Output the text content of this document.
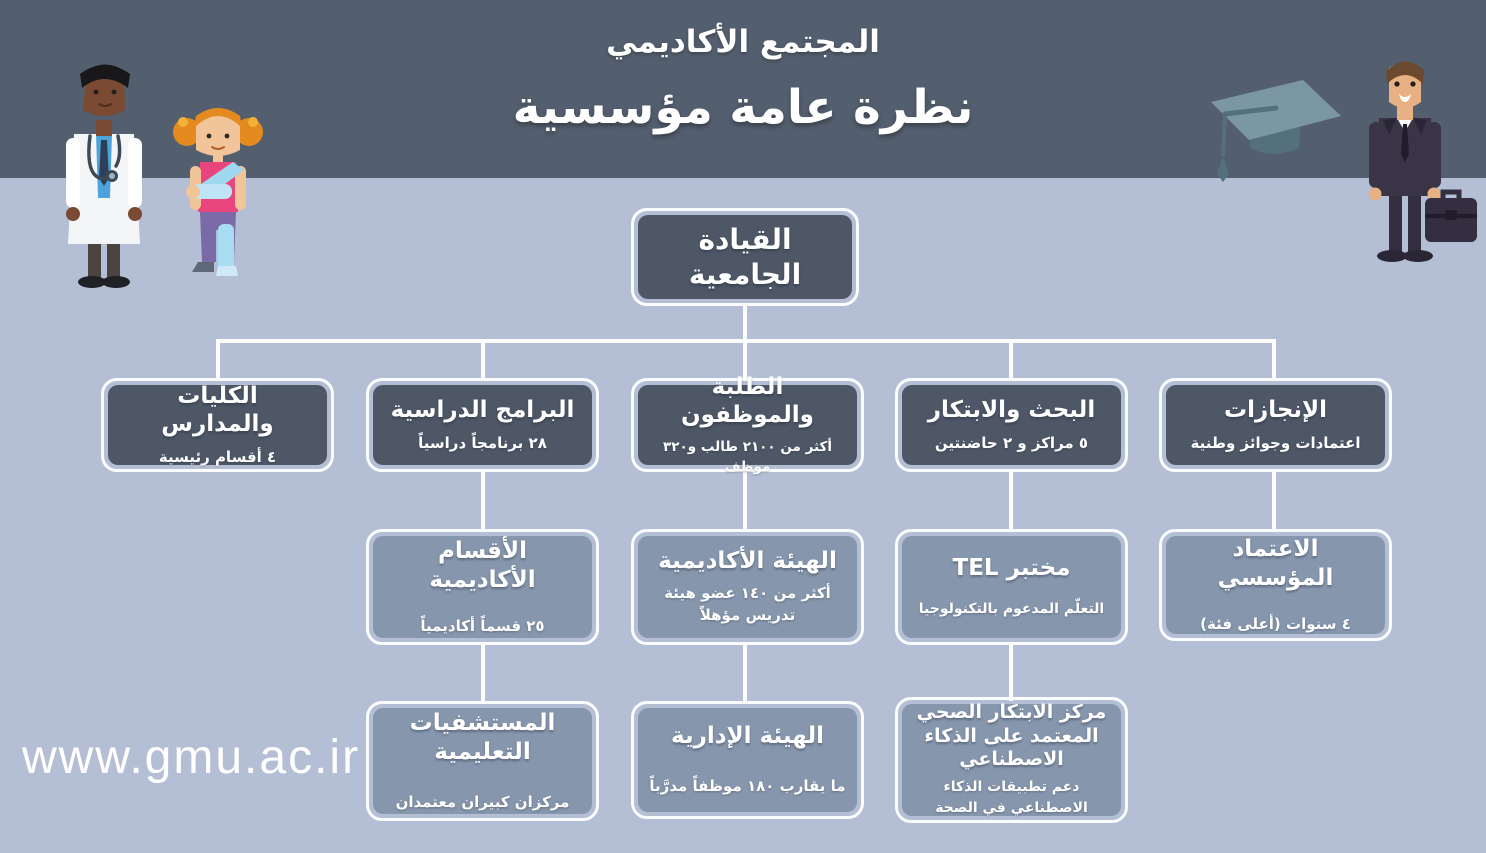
المجتمع الأكاديمي
نظرة عامة مؤسسية
القيادة الجامعية
الكليات والمدارس
٤ أقسام رئيسية
البرامج الدراسية
٢٨ برنامجاً دراسياً
الطلبة والموظفون
أكثر من ٢١٠٠ طالب و٣٢٠ موظف
البحث والابتكار
٥ مراكز و ٢ حاضنتين
الإنجازات
اعتمادات وجوائز وطنية
الأقسام الأكاديمية
٢٥ قسماً أكاديمياً
الهيئة الأكاديمية
أكثر من ١٤٠ عضو هيئة تدريس مؤهلاً
مختبر TEL
التعلّم المدعوم بالتكنولوجيا
الاعتماد المؤسسي
٤ سنوات (أعلى فئة)
المستشفيات التعليمية
مركزان كبيران معتمدان
الهيئة الإدارية
ما يقارب ١٨٠ موظفاً مدرَّباً
مركز الابتكار الصحي المعتمد على الذكاء الاصطناعي
دعم تطبيقات الذكاء الاصطناعي في الصحة
www.gmu.ac.ir
